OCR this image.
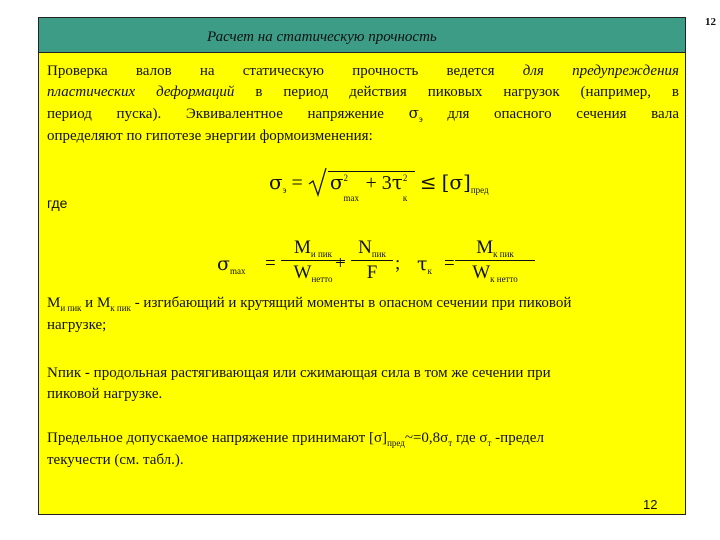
12
Расчет на статическую прочность
Проверка валов на статическую прочность ведется для предупреждения
пластических деформаций в период действия пиковых нагрузок (например, в
период пуска). Эквивалентное напряжение $\sigma_э$ для опасного сечения вала
определяют по гипотезе энергии формоизменения:
$\sigma_э = \sigma$ 2
max
+ 3τ 2
к
≤ $[\sigma]_{пред}$
где
$\sigma_{max}$ =
$M_{и пик}$
$W_{нетто}$
+
$N_{пик}$
F ; $\tau_к$ =
$M_{к пик}$
$W_{к нетто}$
$M_{и пик}$ и $M_{к пик}$ - изгибающий и крутящий моменты в опасном сечении при пиковой
нагрузке;
Nпик - продольная растягивающая или сжимающая сила в том же сечении при
пиковой нагрузке.
Предельное допускаемое напряжение принимают $[\sigma]_{пред}\sim=0,8\sigma_т$ где $\sigma_т$ -предел
текучести (см. табл.).
12
